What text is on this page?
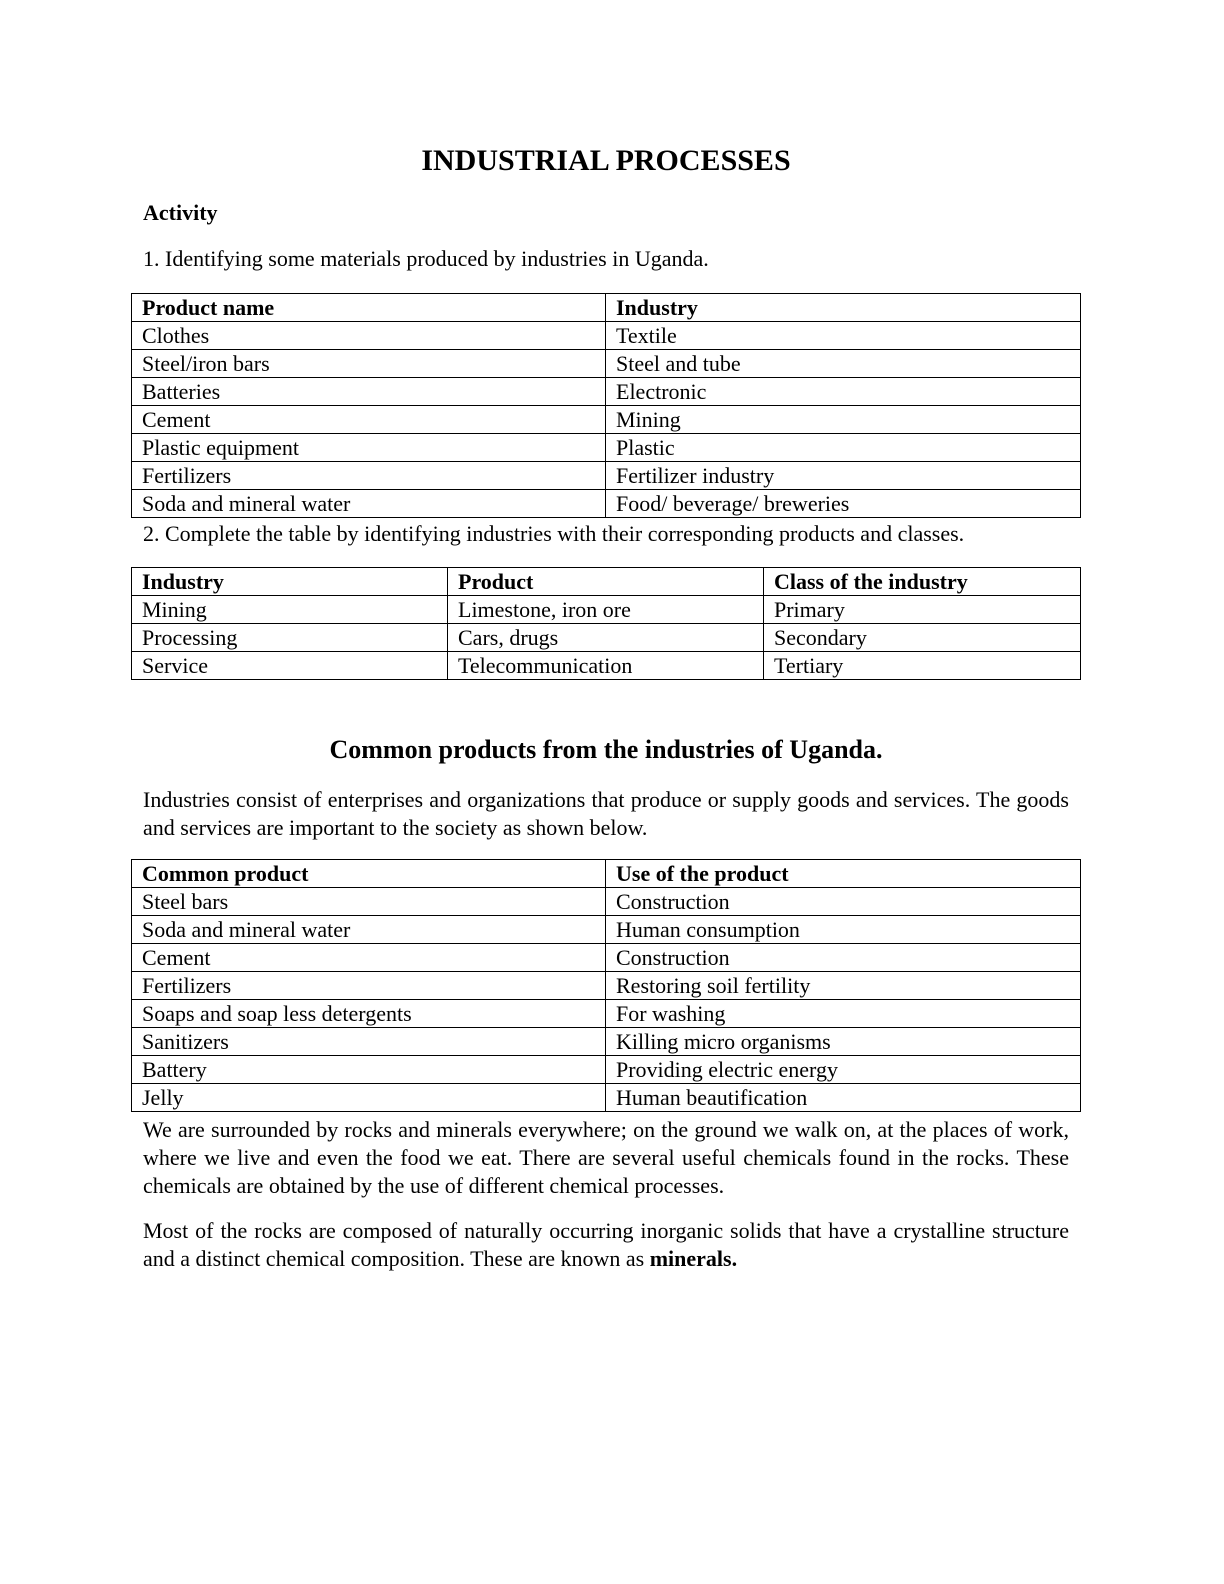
INDUSTRIAL PROCESSES
Activity
1. Identifying some materials produced by industries in Uganda.
Product name	Industry
Clothes	Textile
Steel/iron bars	Steel and tube
Batteries	Electronic
Cement	Mining
Plastic equipment	Plastic
Fertilizers	Fertilizer industry
Soda and mineral water	Food/ beverage/ breweries
2. Complete the table by identifying industries with their corresponding products and classes.
Industry	Product	Class of the industry
Mining	Limestone, iron ore	Primary
Processing	Cars, drugs	Secondary
Service	Telecommunication	Tertiary
Common products from the industries of Uganda.
Industries consist of enterprises and organizations that produce or supply goods and services. The goods and services are important to the society as shown below.
Common product	Use of the product
Steel bars	Construction
Soda and mineral water	Human consumption
Cement	Construction
Fertilizers	Restoring soil fertility
Soaps and soap less detergents	For washing
Sanitizers	Killing micro organisms
Battery	Providing electric energy
Jelly	Human beautification
We are surrounded by rocks and minerals everywhere; on the ground we walk on, at the places of work, where we live and even the food we eat. There are several useful chemicals found in the rocks. These chemicals are obtained by the use of different chemical processes.
Most of the rocks are composed of naturally occurring inorganic solids that have a crystalline structure and a distinct chemical composition. These are known as minerals.
